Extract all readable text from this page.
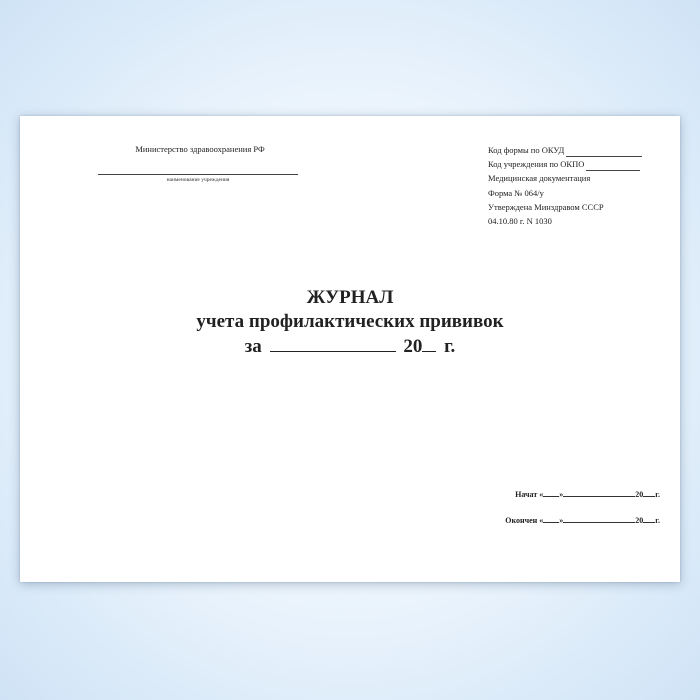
Министерство здравоохранения РФ
наименование учреждения
Код формы по ОКУД
Код учреждения по ОКПО
Медицинская документация
Форма № 064/у
Утверждена Минздравом СССР
04.10.80 г. N 1030
ЖУРНАЛ
учета профилактических прививок
за	20 г.
Начат « »	20 г.
Окончен « »	20 г.
